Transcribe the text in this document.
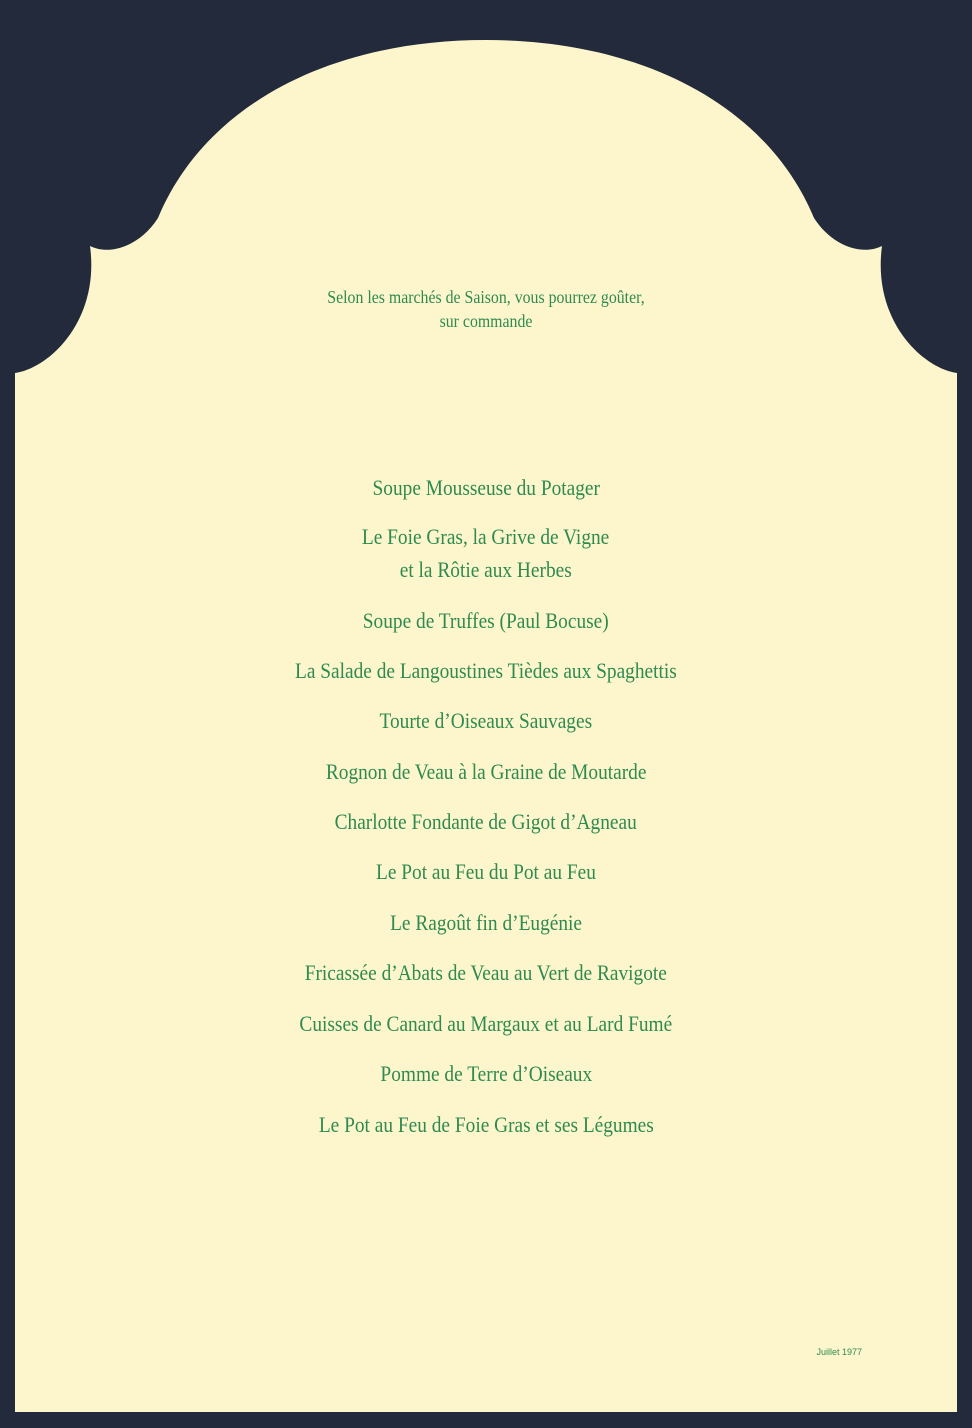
Selon les marchés de Saison, vous pourrez goûter,
sur commande
Soupe Mousseuse du Potager
Le Foie Gras, la Grive de Vigne
et la Rôtie aux Herbes
Soupe de Truffes (Paul Bocuse)
La Salade de Langoustines Tièdes aux Spaghettis
Tourte d’Oiseaux Sauvages
Rognon de Veau à la Graine de Moutarde
Charlotte Fondante de Gigot d’Agneau
Le Pot au Feu du Pot au Feu
Le Ragoût fin d’Eugénie
Fricassée d’Abats de Veau au Vert de Ravigote
Cuisses de Canard au Margaux et au Lard Fumé
Pomme de Terre d’Oiseaux
Le Pot au Feu de Foie Gras et ses Légumes
Juillet 1977
